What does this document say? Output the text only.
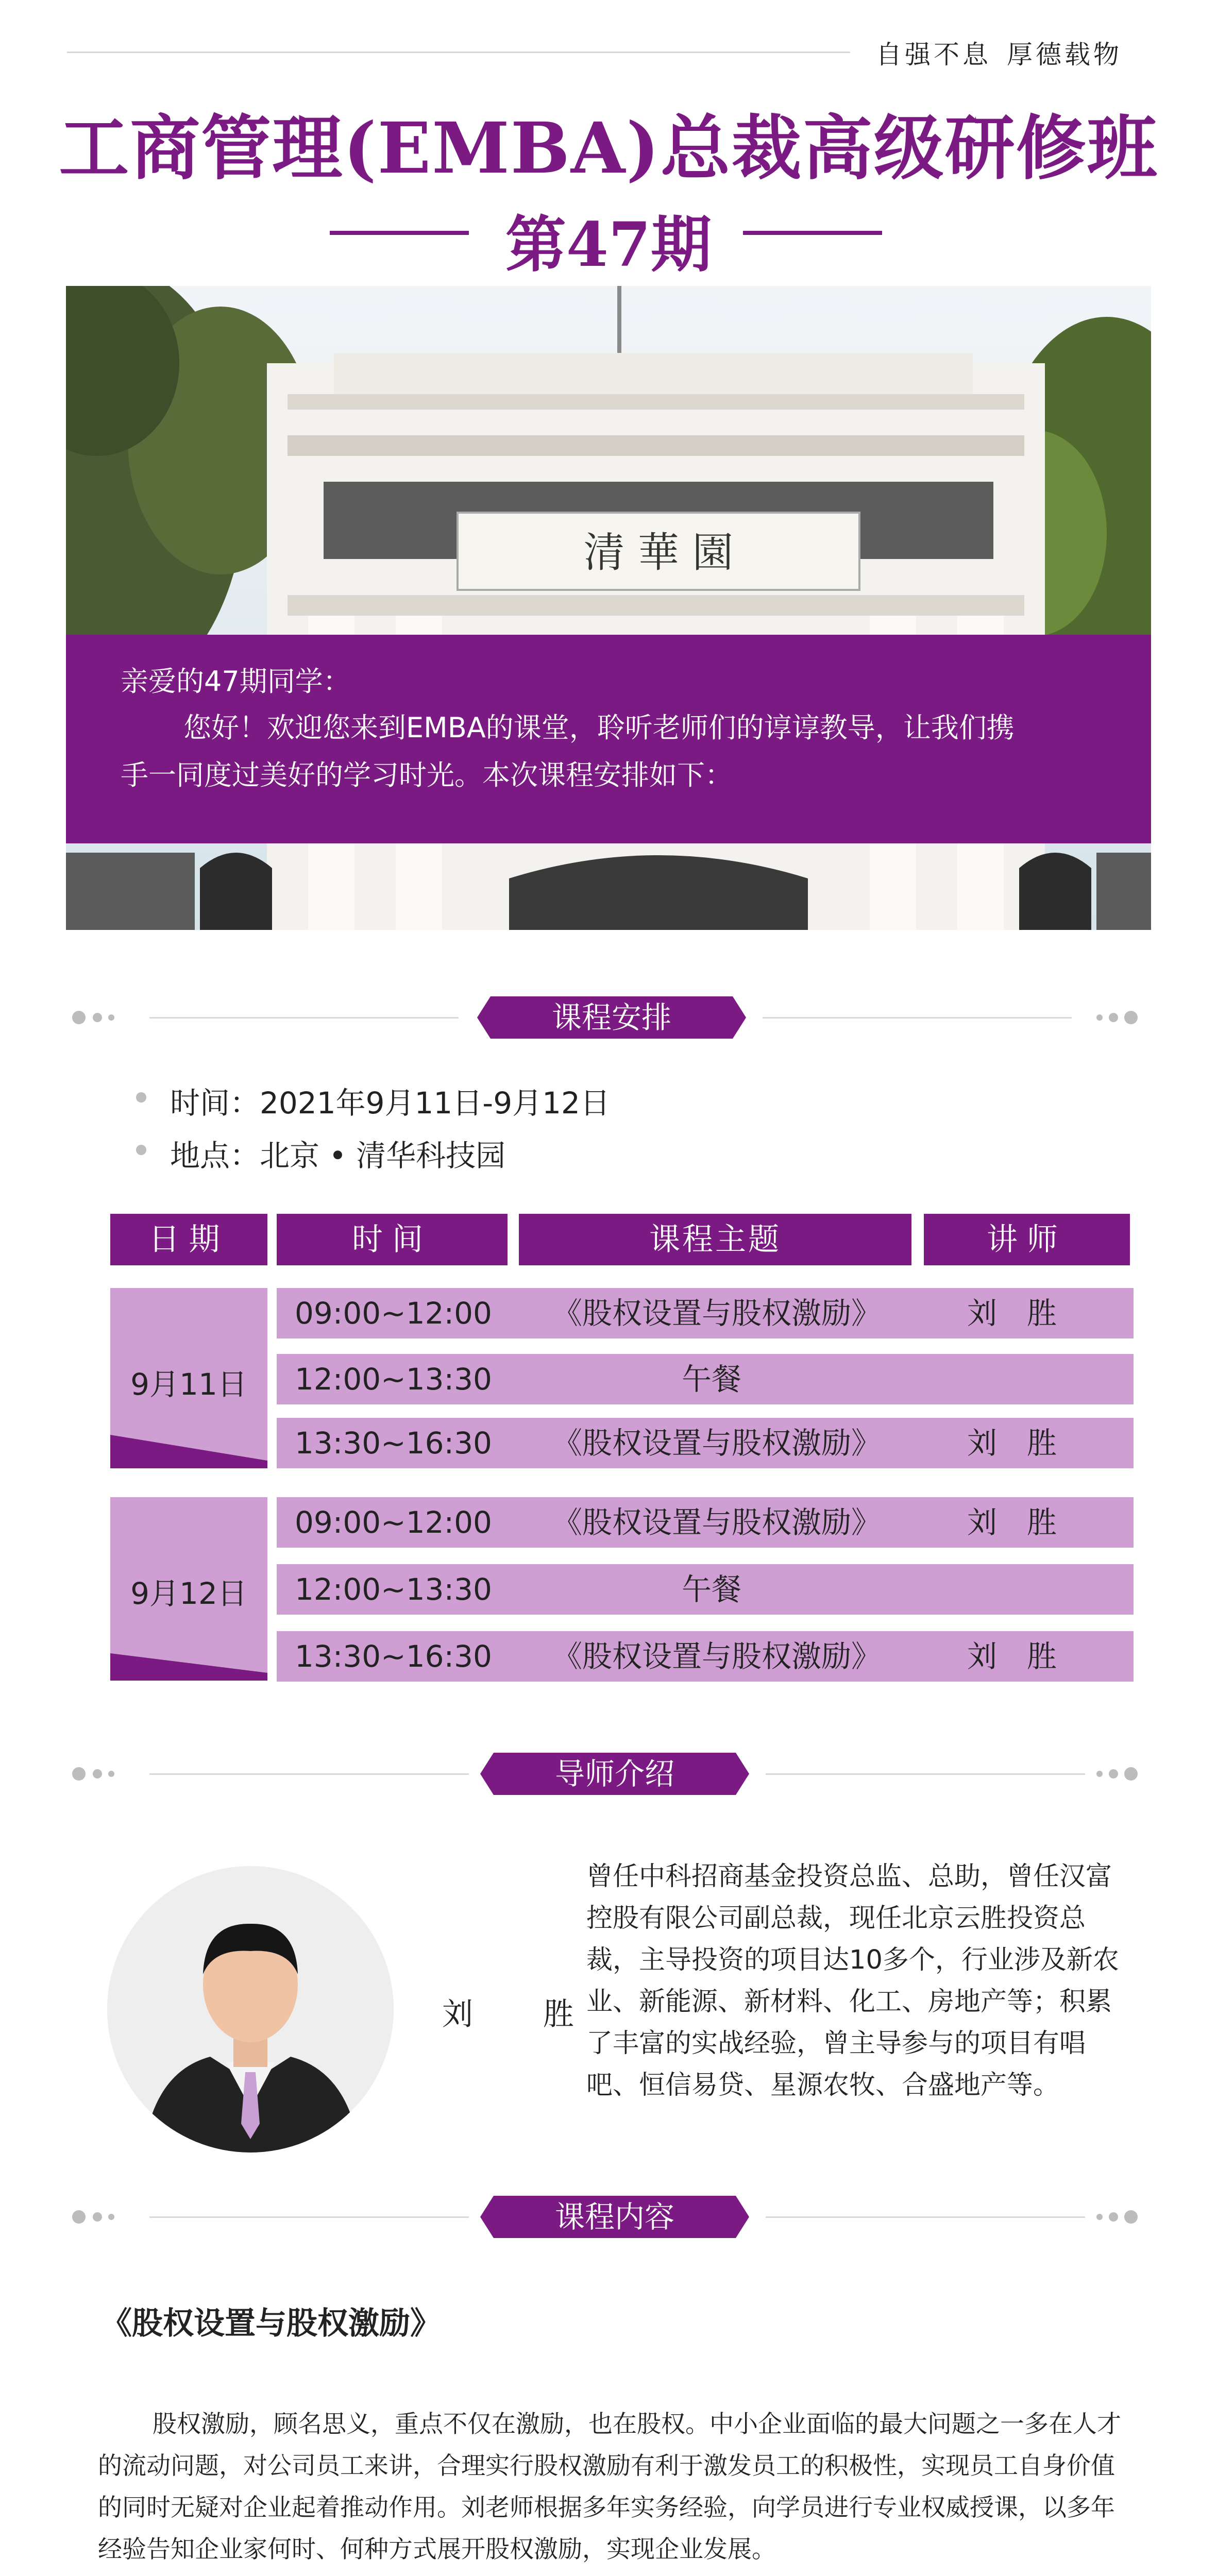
自强不息 厚德载物
工商管理(EMBA)总裁高级研修班
第47期
清 華 園

亲爱的47期同学：

您好！欢迎您来到EMBA的课堂，聆听老师们的谆谆教导，让我们携

手一同度过美好的学习时光。本次课程安排如下：

课程安排
时间：2021年9月11日-9月12日
地点：北京 • 清华科技园
日期	时间	课程主题	讲师
9月11日
09:00~12:00 《股权设置与股权激励》	刘　胜
12:00~13:30	午餐
13:30~16:30 《股权设置与股权激励》	刘　胜
9月12日
09:00~12:00 《股权设置与股权激励》	刘　胜
12:00~13:30	午餐
13:30~16:30 《股权设置与股权激励》	刘　胜
导师介绍
刘　胜
曾任中科招商基金投资总监、总助，曾任汉富控股有限公司副总裁，现任北京云胜投资总裁，主导投资的项目达10多个，行业涉及新农业、新能源、新材料、化工、房地产等；积累了丰富的实战经验，曾主导参与的项目有唱吧、恒信易贷、星源农牧、合盛地产等。
课程内容
《股权设置与股权激励》
股权激励，顾名思义，重点不仅在激励，也在股权。中小企业面临的最大问题之一多在人才的流动问题，对公司员工来讲，合理实行股权激励有利于激发员工的积极性，实现员工自身价值的同时无疑对企业起着推动作用。刘老师根据多年实务经验，向学员进行专业权威授课，以多年经验告知企业家何时、何种方式展开股权激励，实现企业发展。
